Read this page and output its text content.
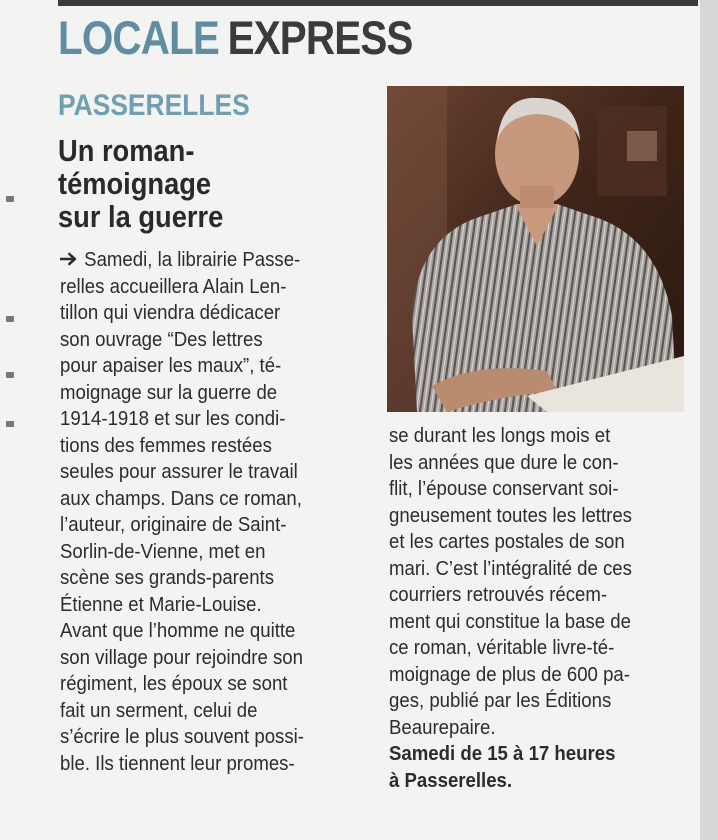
LOCALE EXPRESS
PASSERELLES
Un roman-
témoignage
sur la guerre
Samedi, la librairie Passe-
relles accueillera Alain Len-
tillon qui viendra dédicacer
son ouvrage “Des lettres
pour apaiser les maux”, té-
moignage sur la guerre de
1914-1918 et sur les condi-
tions des femmes restées
seules pour assurer le travail
aux champs. Dans ce roman,
l’auteur, originaire de Saint-
Sorlin-de-Vienne, met en
scène ses grands-parents
Étienne et Marie-Louise.
Avant que l’homme ne quitte
son village pour rejoindre son
régiment, les époux se sont
fait un serment, celui de
s’écrire le plus souvent possi-
ble. Ils tiennent leur promes-
se durant les longs mois et
les années que dure le con-
flit, l’épouse conservant soi-
gneusement toutes les lettres
et les cartes postales de son
mari. C’est l’intégralité de ces
courriers retrouvés récem-
ment qui constitue la base de
ce roman, véritable livre-té-
moignage de plus de 600 pa-
ges, publié par les Éditions
Beaurepaire.
Samedi de 15 à 17 heures
à Passerelles.
